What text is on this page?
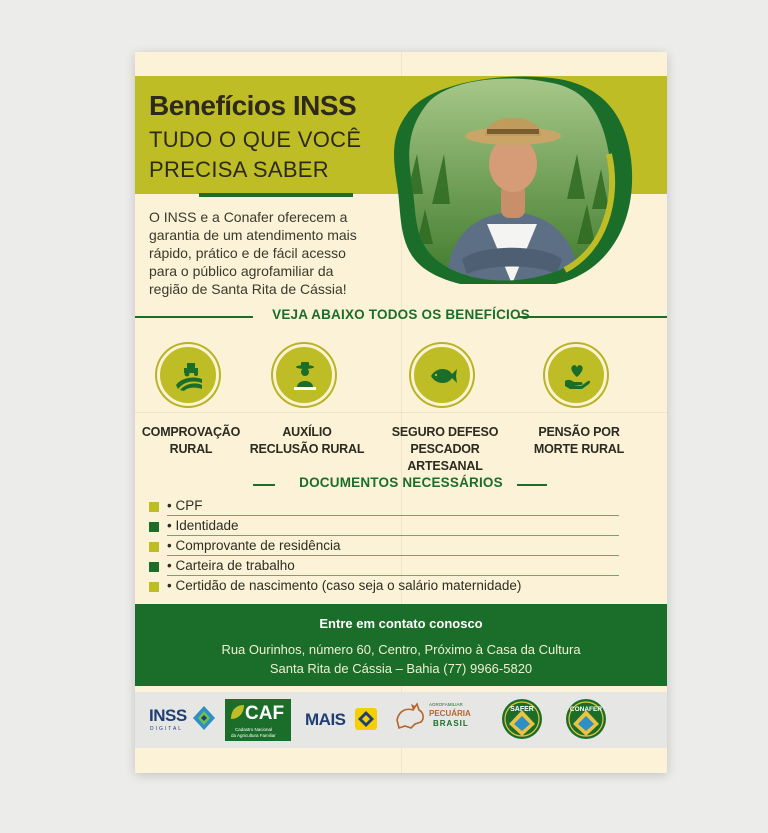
Benefícios INSS
TUDO O QUE VOCÊ
PRECISA SABER
O INSS e a Conafer oferecem a
garantia de um atendimento mais
rápido, prático e de fácil acesso
para o público agrofamiliar da
região de Santa Rita de Cássia!
VEJA ABAIXO TODOS OS BENEFÍCIOS
COMPROVAÇÃO
RURAL
AUXÍLIO
RECLUSÃO RURAL
SEGURO DEFESO
PESCADOR ARTESANAL
PENSÃO POR
MORTE RURAL
DOCUMENTOS NECESSÁRIOS
• CPF
• Identidade
• Comprovante de residência
• Carteira de trabalho
• Certidão de nascimento (caso seja o salário maternidade)
Entre em contato conosco
Rua Ourinhos, número 60, Centro, Próximo à Casa da Cultura
Santa Rita de Cássia – Bahia (77) 9966-5820
INSS
DIGITAL
CAF
Cadastro Nacional
da Agricultura Familiar
MAIS
AGROFAMILIAR
PECUÁRIA
BRASIL
SAFER	CONAFER
